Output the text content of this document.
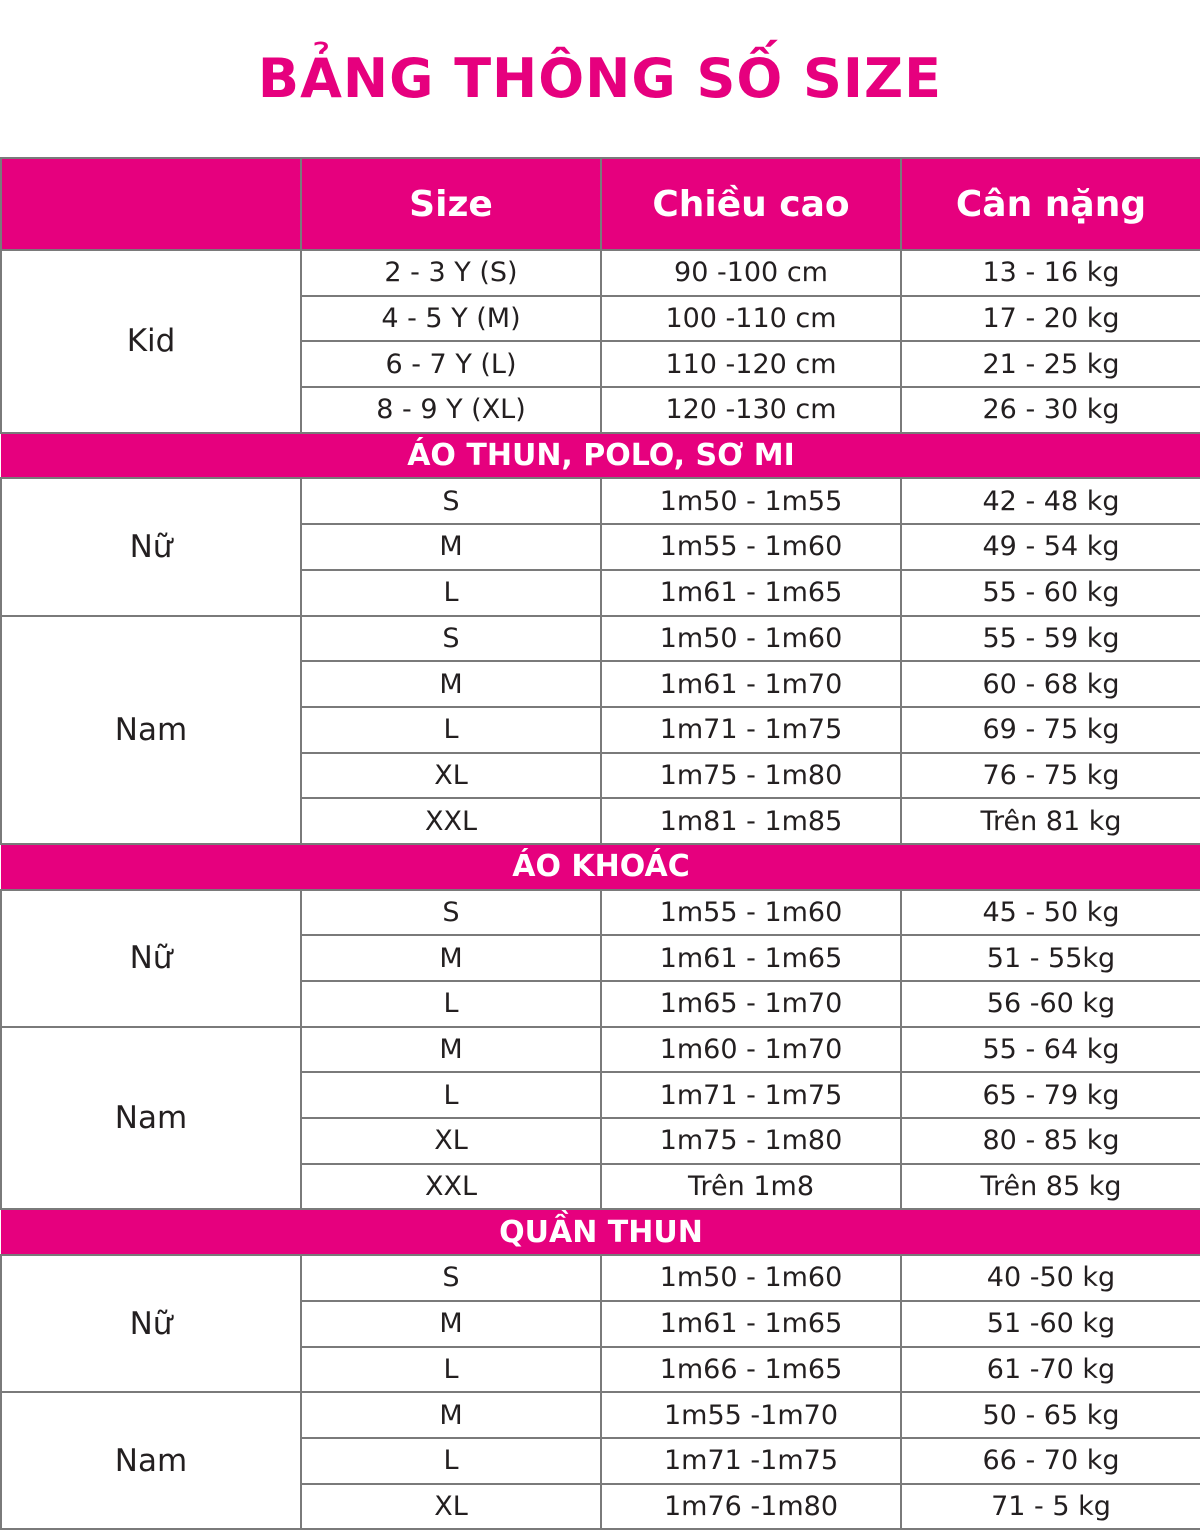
BẢNG THÔNG SỐ SIZE
	Size	Chiều cao	Cân nặng
Kid	2 - 3 Y (S)	90 -100 cm	13 - 16 kg
	4 - 5 Y (M)	100 -110 cm	17 - 20 kg
	6 - 7 Y (L)	110 -120 cm	21 - 25 kg
	8 - 9 Y (XL)	120 -130 cm	26 - 30 kg
ÁO THUN, POLO, SƠ MI			
Nữ	S	1m50 - 1m55	42 - 48 kg
	M	1m55 - 1m60	49 - 54 kg
	L	1m61 - 1m65	55 - 60 kg
Nam	S	1m50 - 1m60	55 - 59 kg
	M	1m61 - 1m70	60 - 68 kg
	L	1m71 - 1m75	69 - 75 kg
	XL	1m75 - 1m80	76 - 75 kg
	XXL	1m81 - 1m85	Trên 81 kg
ÁO KHOÁC			
Nữ	S	1m55 - 1m60	45 - 50 kg
	M	1m61 - 1m65	51 - 55kg
	L	1m65 - 1m70	56 -60 kg
Nam	M	1m60 - 1m70	55 - 64 kg
	L	1m71 - 1m75	65 - 79 kg
	XL	1m75 - 1m80	80 - 85 kg
	XXL	Trên 1m8	Trên 85 kg
QUẦN THUN			
Nữ	S	1m50 - 1m60	40 -50 kg
	M	1m61 - 1m65	51 -60 kg
	L	1m66 - 1m65	61 -70 kg
Nam	M	1m55 -1m70	50 - 65 kg
	L	1m71 -1m75	66 - 70 kg
	XL	1m76 -1m80	71 - 5 kg
